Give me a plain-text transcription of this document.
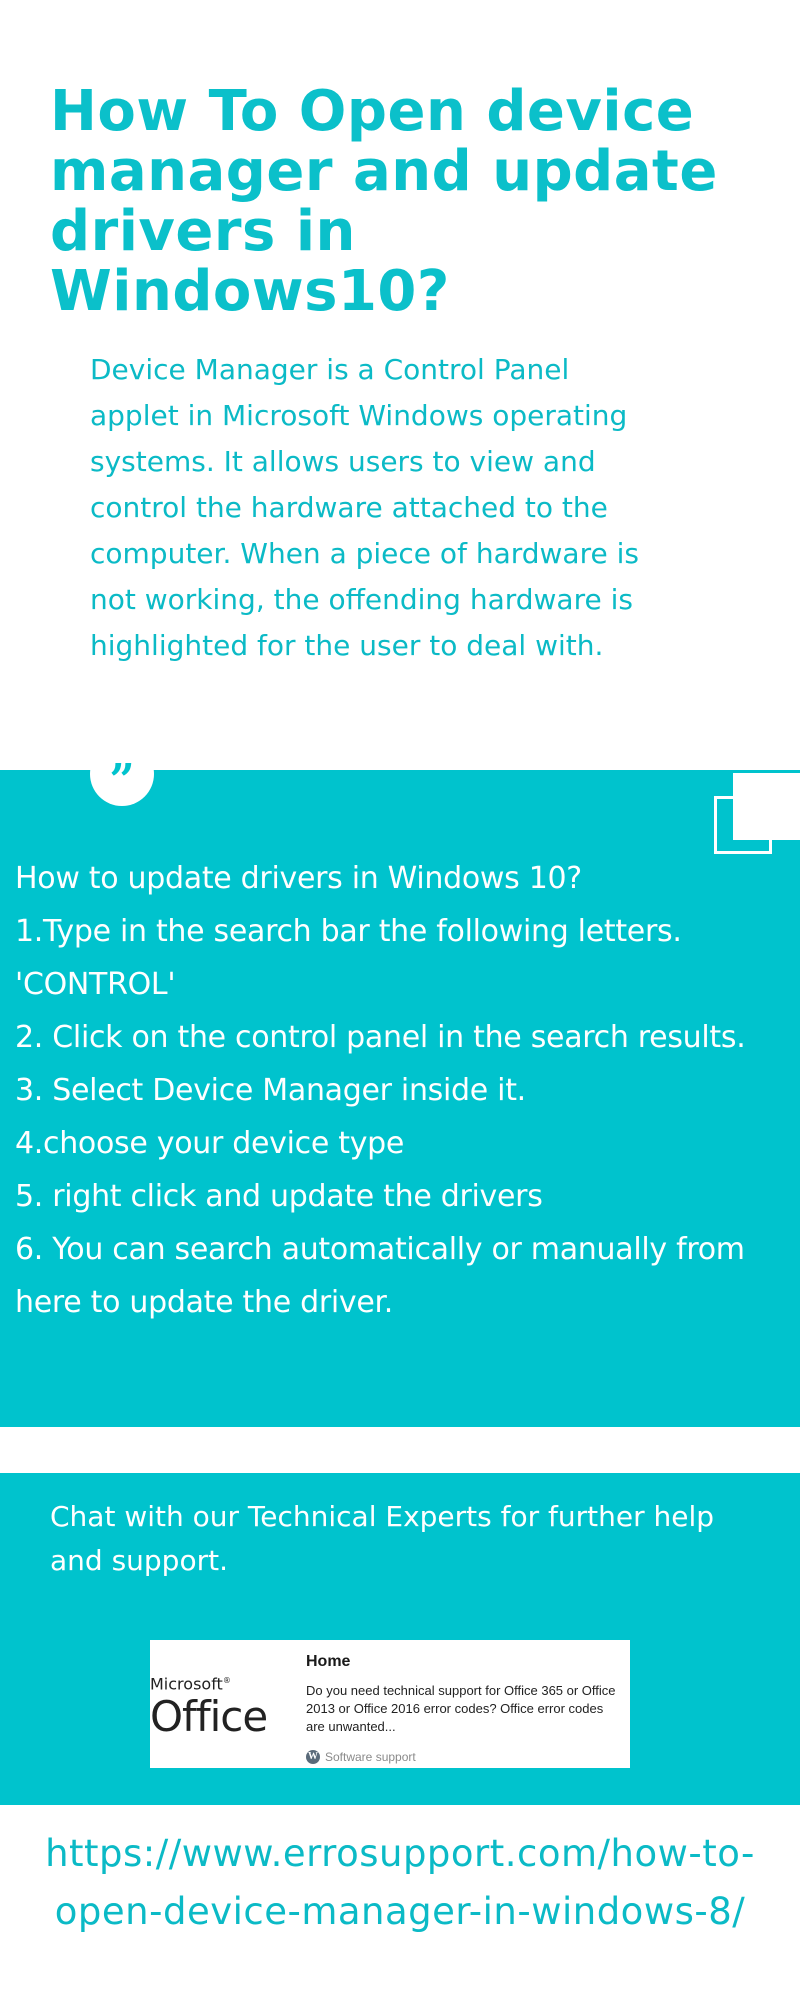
How To Open device manager and update drivers in Windows10?

Device Manager is a Control Panel applet in Microsoft Windows operating systems. It allows users to view and control the hardware attached to the computer. When a piece of hardware is not working, the offending hardware is highlighted for the user to deal with.

”
How to update drivers in Windows 10?
1.Type in the search bar the following letters. 'CONTROL'
2. Click on the control panel in the search results.
3. Select Device Manager inside it.
4.choose your device type
5. right click and update the drivers
6. You can search automatically or manually from here to update the driver.

Chat with our Technical Experts for further help and support.

Microsoft®
Office

Home

Do you need technical support for Office 365 or Office 2013 or Office 2016 error codes? Office error codes are unwanted...

W Software support

https://www.errosupport.com/how-to-open-device-manager-in-windows-8/
